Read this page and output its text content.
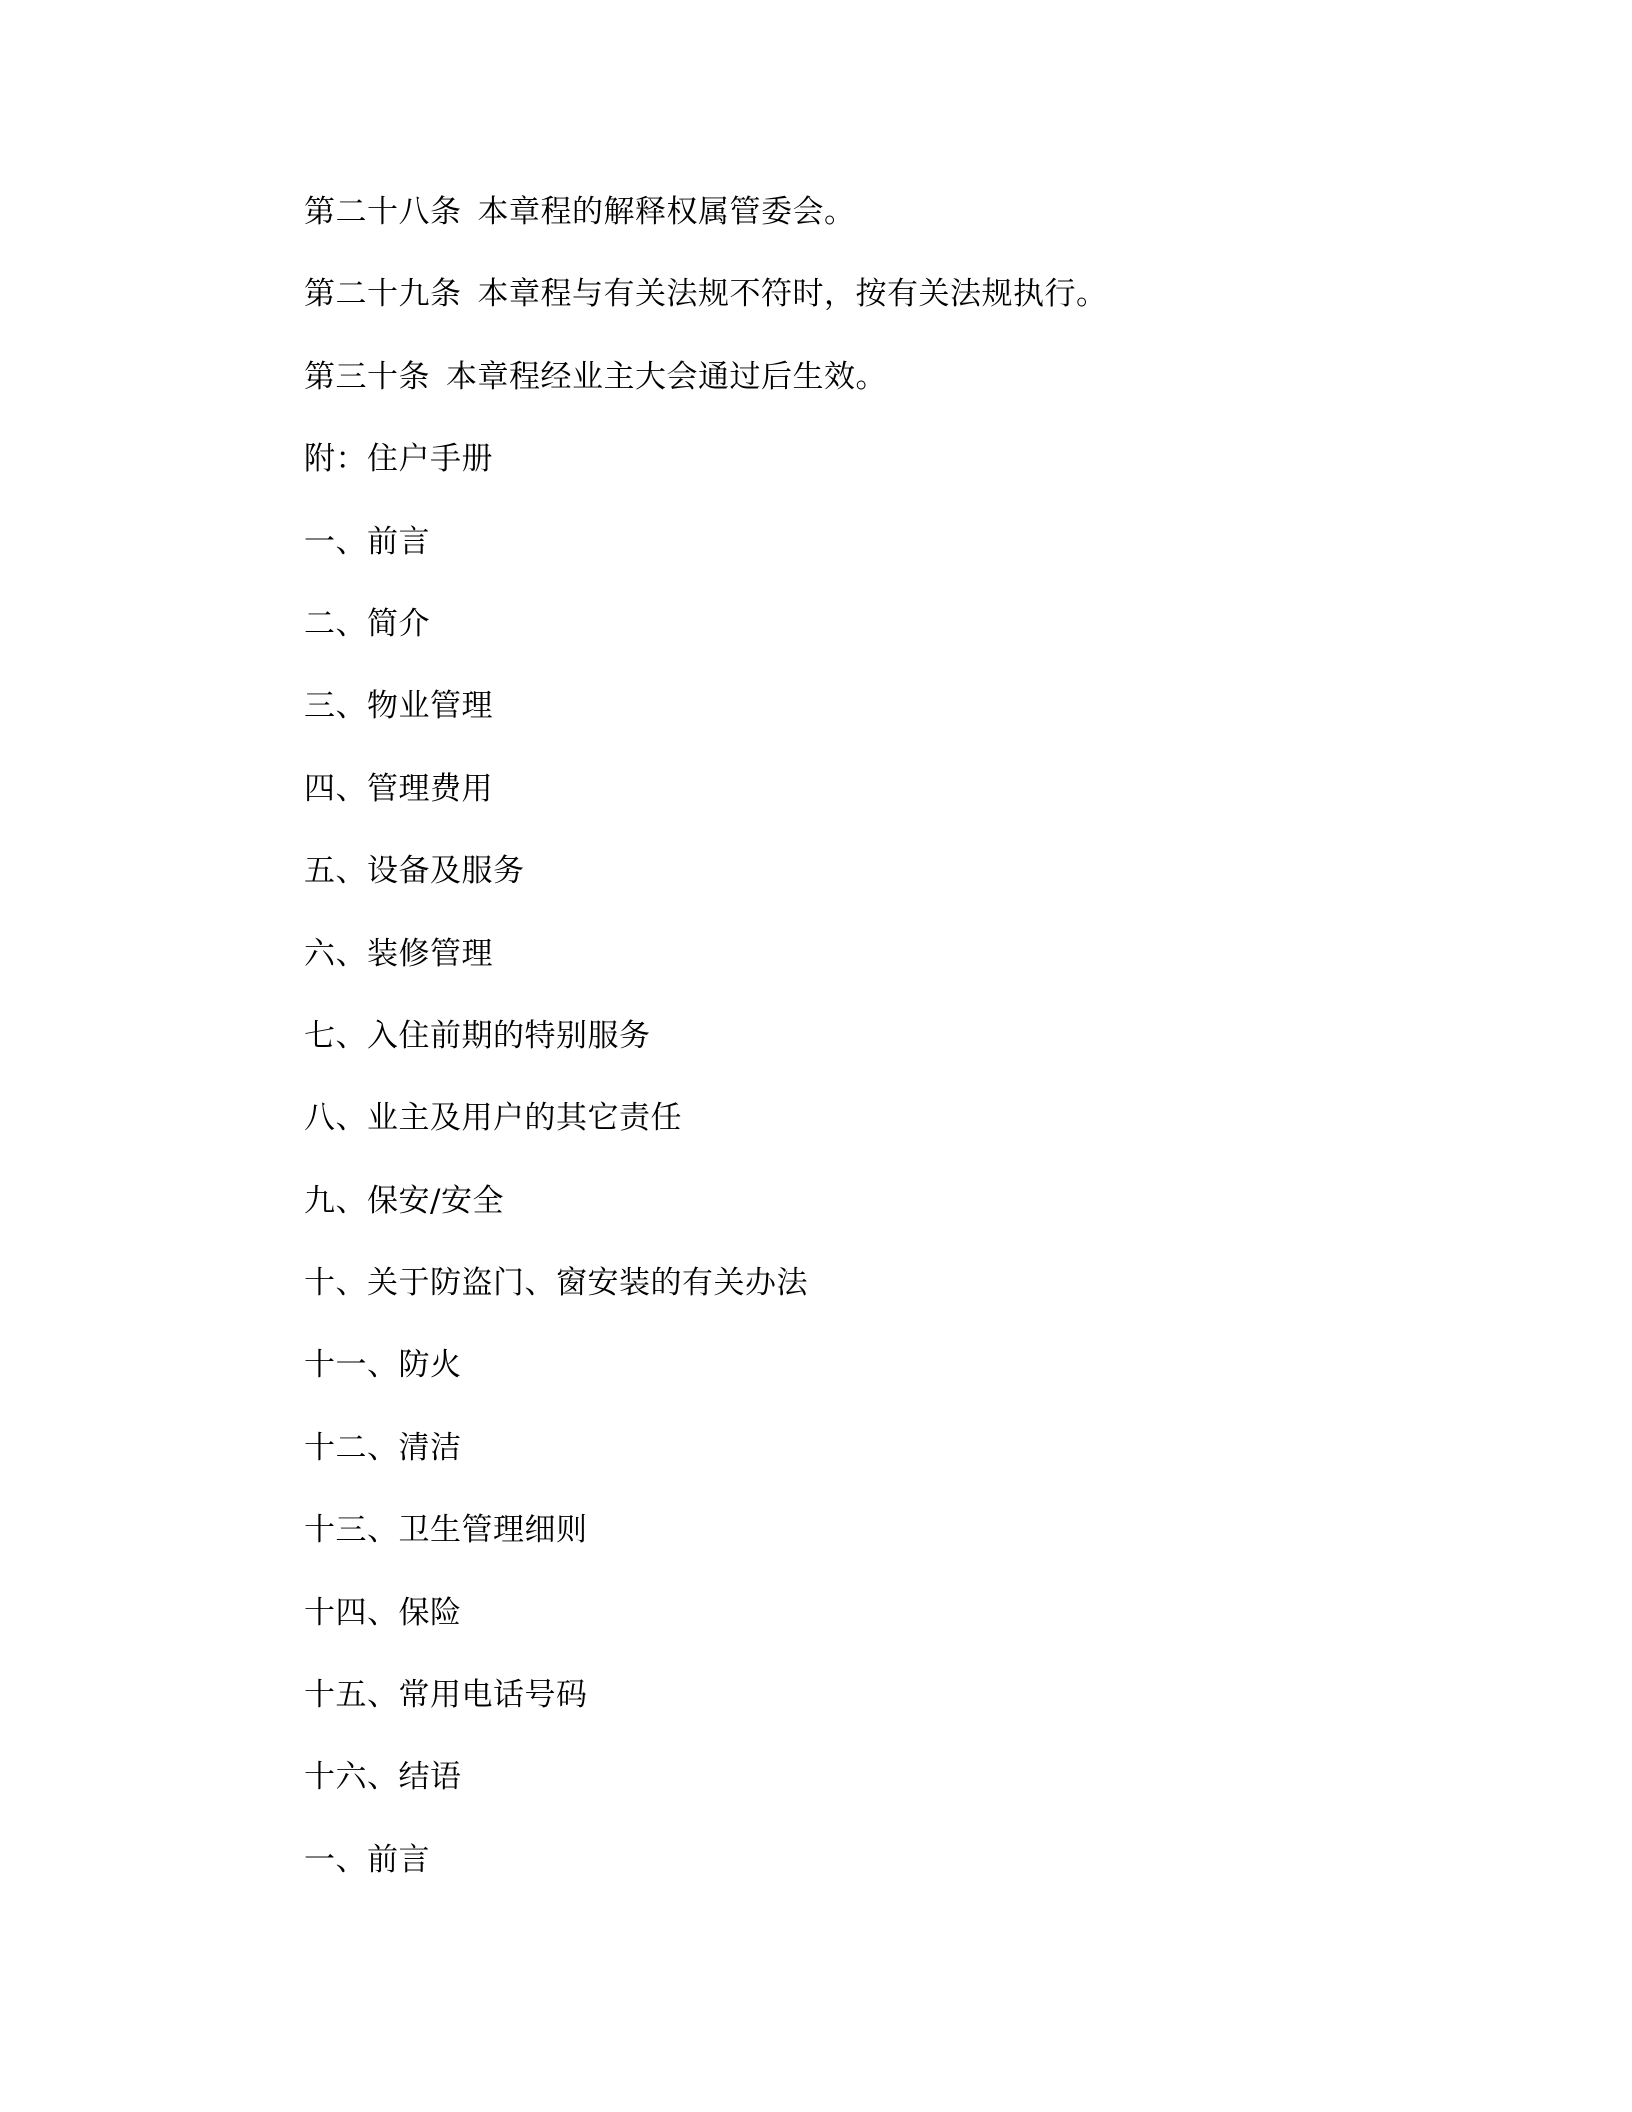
第二十八条 本章程的解释权属管委会。
第二十九条 本章程与有关法规不符时，按有关法规执行。
第三十条 本章程经业主大会通过后生效。
附：住户手册
一、前言
二、简介
三、物业管理
四、管理费用
五、设备及服务
六、装修管理
七、入住前期的特别服务
八、业主及用户的其它责任
九、保安/安全
十、关于防盗门、窗安装的有关办法
十一、防火
十二、清洁
十三、卫生管理细则
十四、保险
十五、常用电话号码
十六、结语
一、前言
